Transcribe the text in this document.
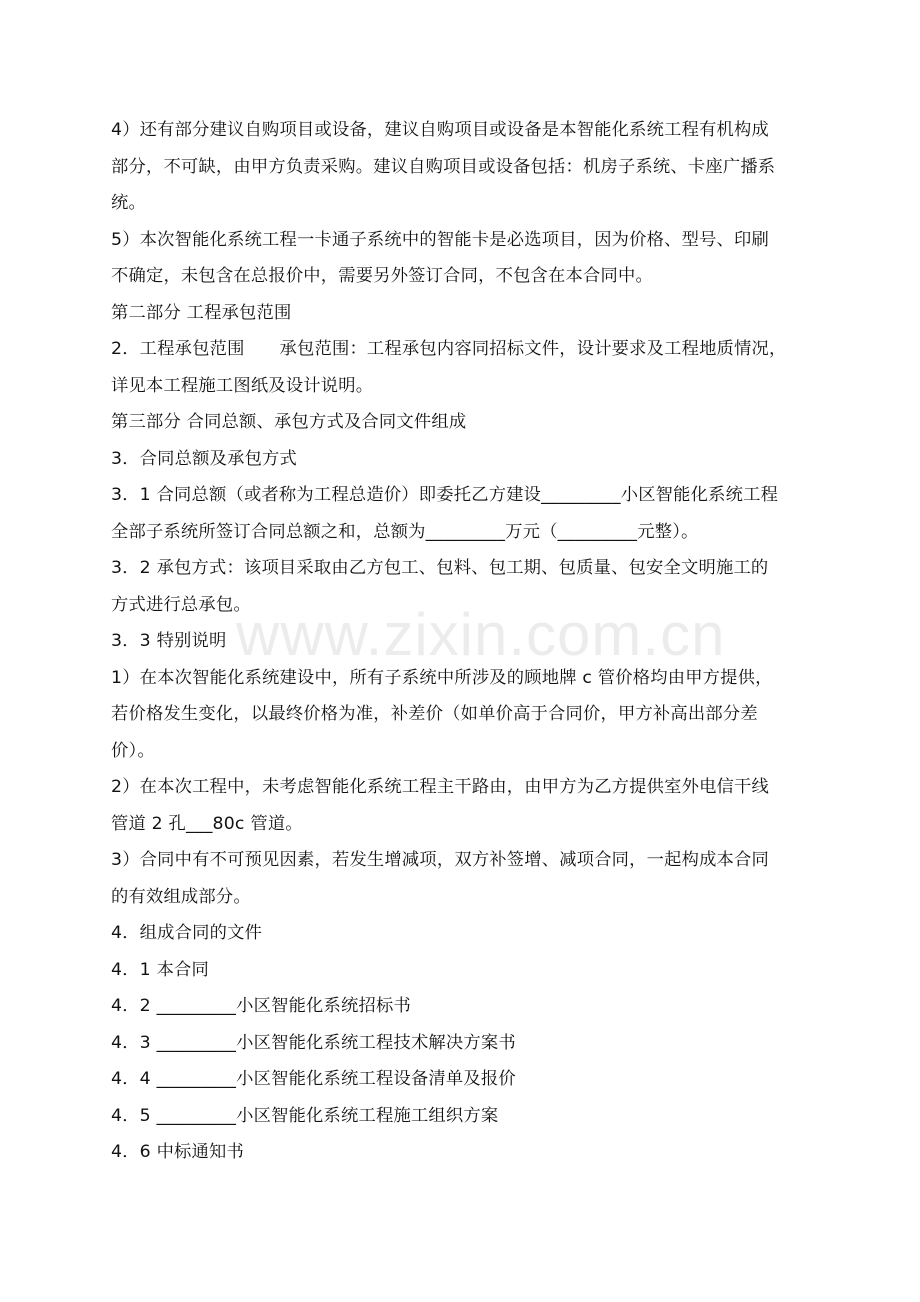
www.zixin.com.cn
4）还有部分建议自购项目或设备，建议自购项目或设备是本智能化系统工程有机构成
部分，不可缺，由甲方负责采购。建议自购项目或设备包括：机房子系统、卡座广播系
统。
5）本次智能化系统工程一卡通子系统中的智能卡是必选项目，因为价格、型号、印刷
不确定，未包含在总报价中，需要另外签订合同，不包含在本合同中。
第二部分 工程承包范围
2．工程承包范围　　承包范围：工程承包内容同招标文件，设计要求及工程地质情况，
详见本工程施工图纸及设计说明。
第三部分 合同总额、承包方式及合同文件组成
3．合同总额及承包方式
3．1 合同总额（或者称为工程总造价）即委托乙方建设_________小区智能化系统工程
全部子系统所签订合同总额之和，总额为_________万元（_________元整）。
3．2 承包方式：该项目采取由乙方包工、包料、包工期、包质量、包安全文明施工的
方式进行总承包。
3．3 特别说明
1）在本次智能化系统建设中，所有子系统中所涉及的顾地牌 c 管价格均由甲方提供，
若价格发生变化，以最终价格为准，补差价（如单价高于合同价，甲方补高出部分差
价）。
2）在本次工程中，未考虑智能化系统工程主干路由，由甲方为乙方提供室外电信干线
管道 2 孔___80c 管道。
3）合同中有不可预见因素，若发生增减项，双方补签增、减项合同，一起构成本合同
的有效组成部分。
4．组成合同的文件
4．1 本合同
4．2 _________小区智能化系统招标书
4．3 _________小区智能化系统工程技术解决方案书
4．4 _________小区智能化系统工程设备清单及报价
4．5 _________小区智能化系统工程施工组织方案
4．6 中标通知书
